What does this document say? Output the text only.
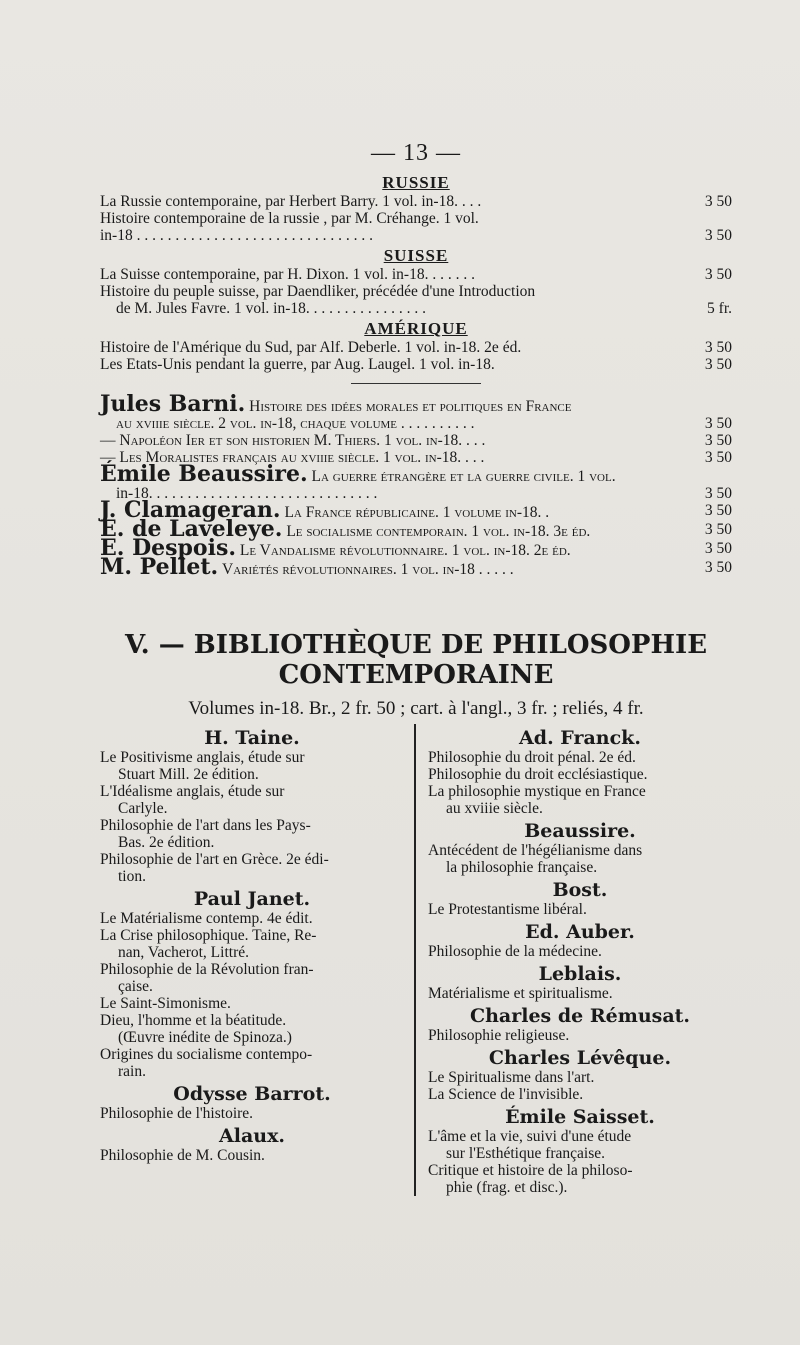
— 13 —
RUSSIE

La Russie contemporaine, par Herbert Barry. 1 vol. in-18. . . .	3 50

Histoire contemporaine de la russie , par M. Créhange. 1 vol.

in-18 . . . . . . . . . . . . . . . . . . . . . . . . . . . . . . .	3 50

SUISSE

La Suisse contemporaine, par H. Dixon. 1 vol. in-18. . . . . . .	3 50

Histoire du peuple suisse, par Daendliker, précédée d'une Introduction

de M. Jules Favre. 1 vol. in-18. . . . . . . . . . . . . . . .	5 fr.

AMÉRIQUE

Histoire de l'Amérique du Sud, par Alf. Deberle. 1 vol. in-18. 2e éd.	3 50

Les Etats-Unis pendant la guerre, par Aug. Laugel. 1 vol. in-18.	3 50

Jules Barni. Histoire des idées morales et politiques en France

au xviiie siècle. 2 vol. in-18, chaque volume . . . . . . . . . .	3 50

— Napoléon Ier et son historien M. Thiers. 1 vol. in-18. . . .	3 50

— Les Moralistes français au xviiie siècle. 1 vol. in-18. . . .	3 50

Émile Beaussire. La guerre étrangère et la guerre civile. 1 vol.

in-18. . . . . . . . . . . . . . . . . . . . . . . . . . . . . .	3 50

J. Clamageran. La France républicaine. 1 volume in-18. .	3 50

E. de Laveleye. Le socialisme contemporain. 1 vol. in-18. 3e éd.	3 50

E. Despois. Le Vandalisme révolutionnaire. 1 vol. in-18. 2e éd.	3 50

M. Pellet. Variétés révolutionnaires. 1 vol. in-18 . . . . .	3 50

V. — BIBLIOTHÈQUE DE PHILOSOPHIE
CONTEMPORAINE
Volumes in-18. Br., 2 fr. 50 ; cart. à l'angl., 3 fr. ; reliés, 4 fr.

H. Taine.

Le Positivisme anglais, étude sur

Stuart Mill. 2e édition.

L'Idéalisme anglais, étude sur

Carlyle.

Philosophie de l'art dans les Pays-

Bas. 2e édition.

Philosophie de l'art en Grèce. 2e édi-

tion.

Paul Janet.

Le Matérialisme contemp. 4e édit.

La Crise philosophique. Taine, Re-

nan, Vacherot, Littré.

Philosophie de la Révolution fran-

çaise.

Le Saint-Simonisme.

Dieu, l'homme et la béatitude.

(Œuvre inédite de Spinoza.)

Origines du socialisme contempo-

rain.

Odysse Barrot.

Philosophie de l'histoire.

Alaux.

Philosophie de M. Cousin.

Ad. Franck.

Philosophie du droit pénal. 2e éd.

Philosophie du droit ecclésiastique.

La philosophie mystique en France

au xviiie siècle.

Beaussire.

Antécédent de l'hégélianisme dans

la philosophie française.

Bost.

Le Protestantisme libéral.

Ed. Auber.

Philosophie de la médecine.

Leblais.

Matérialisme et spiritualisme.

Charles de Rémusat.

Philosophie religieuse.

Charles Lévêque.

Le Spiritualisme dans l'art.

La Science de l'invisible.

Émile Saisset.

L'âme et la vie, suivi d'une étude

sur l'Esthétique française.

Critique et histoire de la philoso-

phie (frag. et disc.).
